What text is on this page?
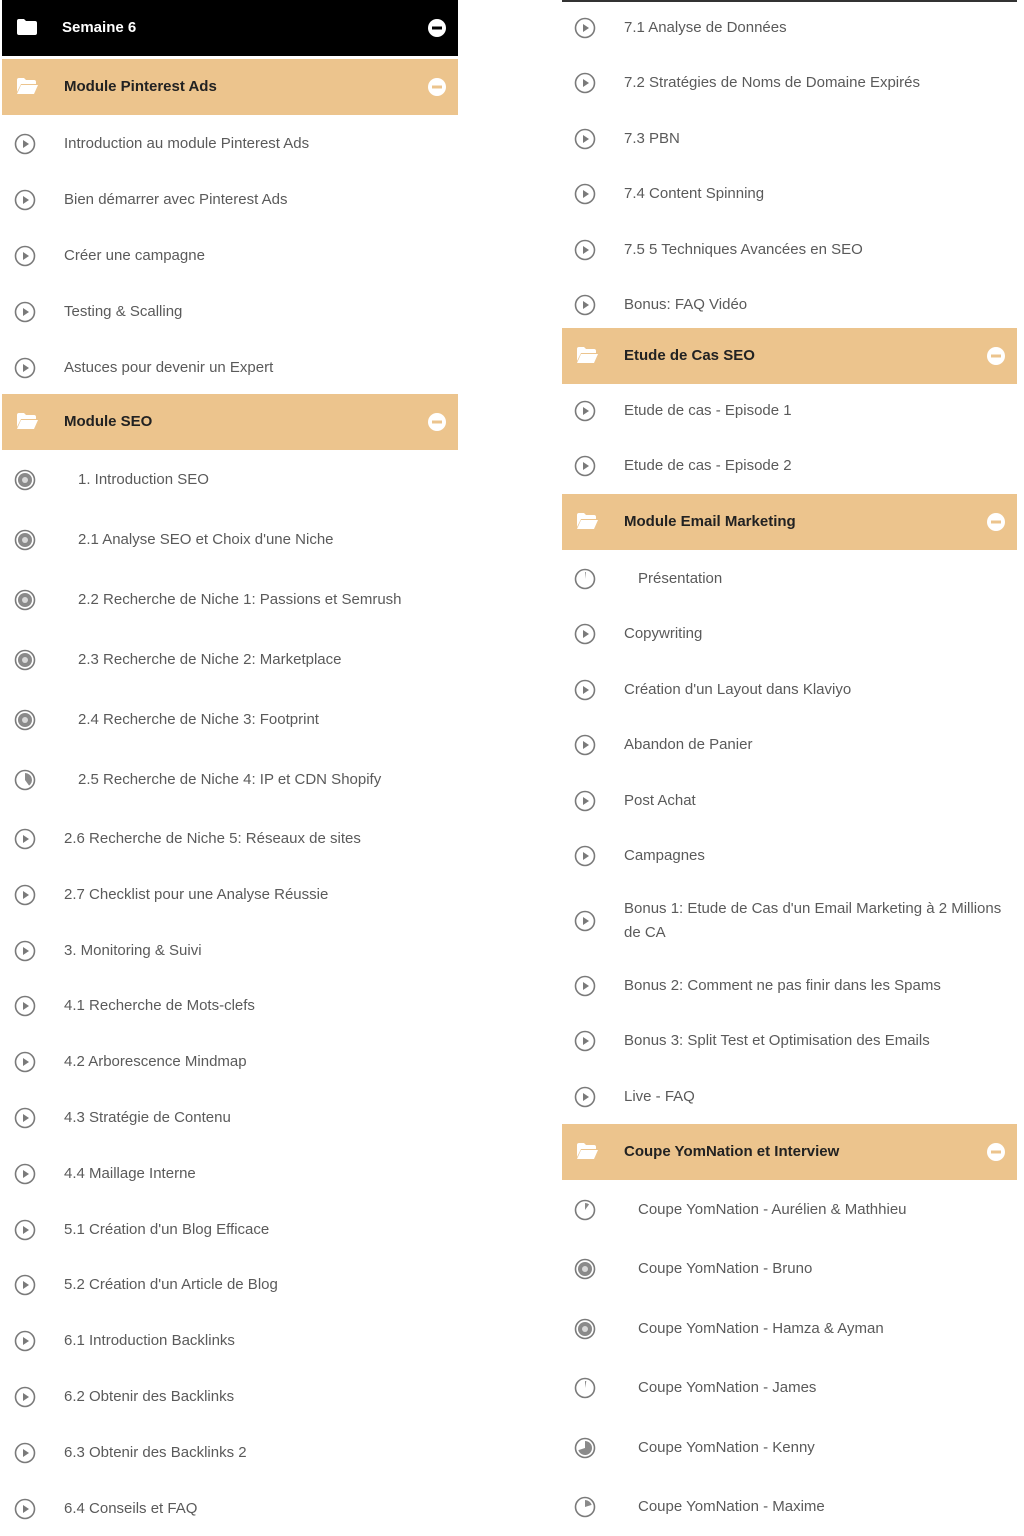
Semaine 6
Module Pinterest Ads
Introduction au module Pinterest Ads
Bien démarrer avec Pinterest Ads
Créer une campagne
Testing & Scalling
Astuces pour devenir un Expert
Module SEO
1. Introduction SEO
2.1 Analyse SEO et Choix d'une Niche
2.2 Recherche de Niche 1: Passions et Semrush
2.3 Recherche de Niche 2: Marketplace
2.4 Recherche de Niche 3: Footprint
2.5 Recherche de Niche 4: IP et CDN Shopify
2.6 Recherche de Niche 5: Réseaux de sites
2.7 Checklist pour une Analyse Réussie
3. Monitoring & Suivi
4.1 Recherche de Mots-clefs
4.2 Arborescence Mindmap
4.3 Stratégie de Contenu
4.4 Maillage Interne
5.1 Création d'un Blog Efficace
5.2 Création d'un Article de Blog
6.1 Introduction Backlinks
6.2 Obtenir des Backlinks
6.3 Obtenir des Backlinks 2
6.4 Conseils et FAQ
7.1 Analyse de Données
7.2 Stratégies de Noms de Domaine Expirés
7.3 PBN
7.4 Content Spinning
7.5 5 Techniques Avancées en SEO
Bonus: FAQ Vidéo
Etude de Cas SEO
Etude de cas - Episode 1
Etude de cas - Episode 2
Module Email Marketing
Présentation
Copywriting
Création d'un Layout dans Klaviyo
Abandon de Panier
Post Achat
Campagnes
Bonus 1: Etude de Cas d'un Email Marketing à 2 Millions de CA
Bonus 2: Comment ne pas finir dans les Spams
Bonus 3: Split Test et Optimisation des Emails
Live - FAQ
Coupe YomNation et Interview
Coupe YomNation - Aurélien & Mathhieu
Coupe YomNation - Bruno
Coupe YomNation - Hamza & Ayman
Coupe YomNation - James
Coupe YomNation - Kenny
Coupe YomNation - Maxime
